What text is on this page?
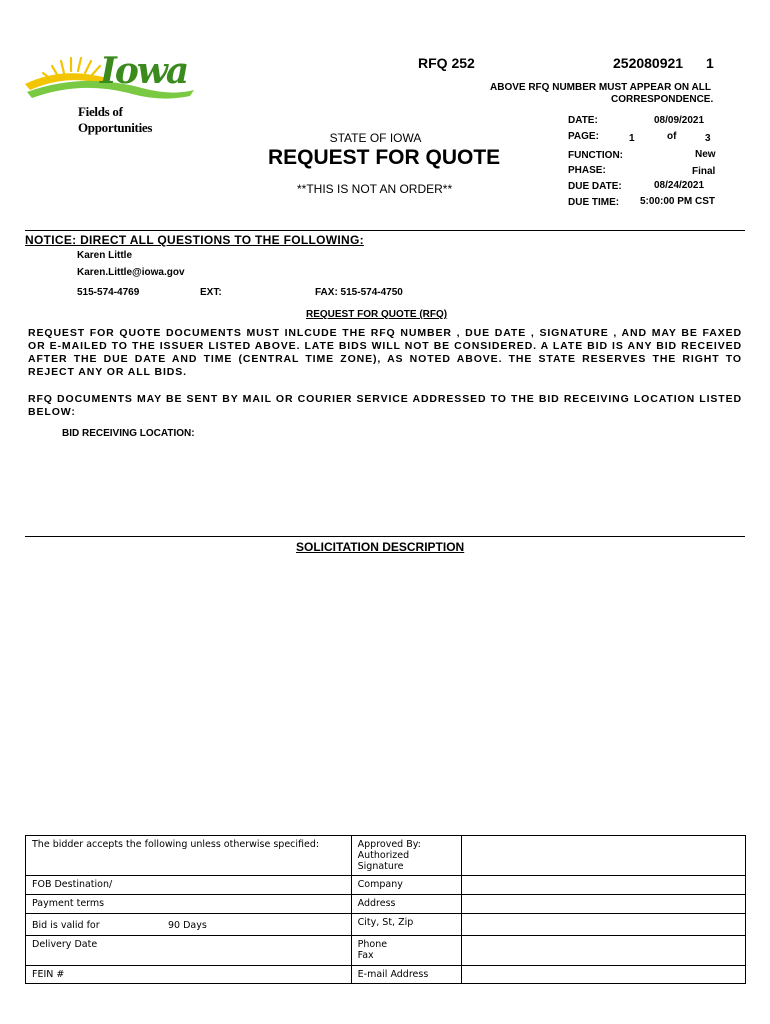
Iowa
Fields of Opportunities
RFQ 252	252080921 1
ABOVE RFQ NUMBER MUST APPEAR ON ALL
CORRESPONDENCE.
STATE OF IOWA
REQUEST FOR QUOTE
**THIS IS NOT AN ORDER**
DATE:	08/09/2021
PAGE:	1	of	3
FUNCTION:	New
PHASE:	Final
DUE DATE:	08/24/2021
DUE TIME: 5:00:00 PM CST
NOTICE: DIRECT ALL QUESTIONS TO THE FOLLOWING:
Karen Little
Karen.Little@iowa.gov
515-574-4769	EXT:	FAX: 515-574-4750
REQUEST FOR QUOTE (RFQ)
REQUEST FOR QUOTE DOCUMENTS MUST INLCUDE THE RFQ NUMBER , DUE DATE , SIGNATURE , AND MAY BE FAXED OR E-MAILED TO THE ISSUER LISTED ABOVE. LATE BIDS WILL NOT BE CONSIDERED. A LATE BID IS ANY BID RECEIVED AFTER THE DUE DATE AND TIME (CENTRAL TIME ZONE), AS NOTED ABOVE. THE STATE RESERVES THE RIGHT TO REJECT ANY OR ALL BIDS.
RFQ DOCUMENTS MAY BE SENT BY MAIL OR COURIER SERVICE ADDRESSED TO THE BID RECEIVING LOCATION LISTED BELOW:
BID RECEIVING LOCATION:
SOLICITATION DESCRIPTION
The bidder accepts the following unless otherwise specified:	Approved By:
Authorized Signature	

FOB Destination/	Company	
Payment terms	Address	
Bid is valid for 90 Days	City, St, Zip	
Delivery Date	Phone
Fax	

FEIN #	E-mail Address	
